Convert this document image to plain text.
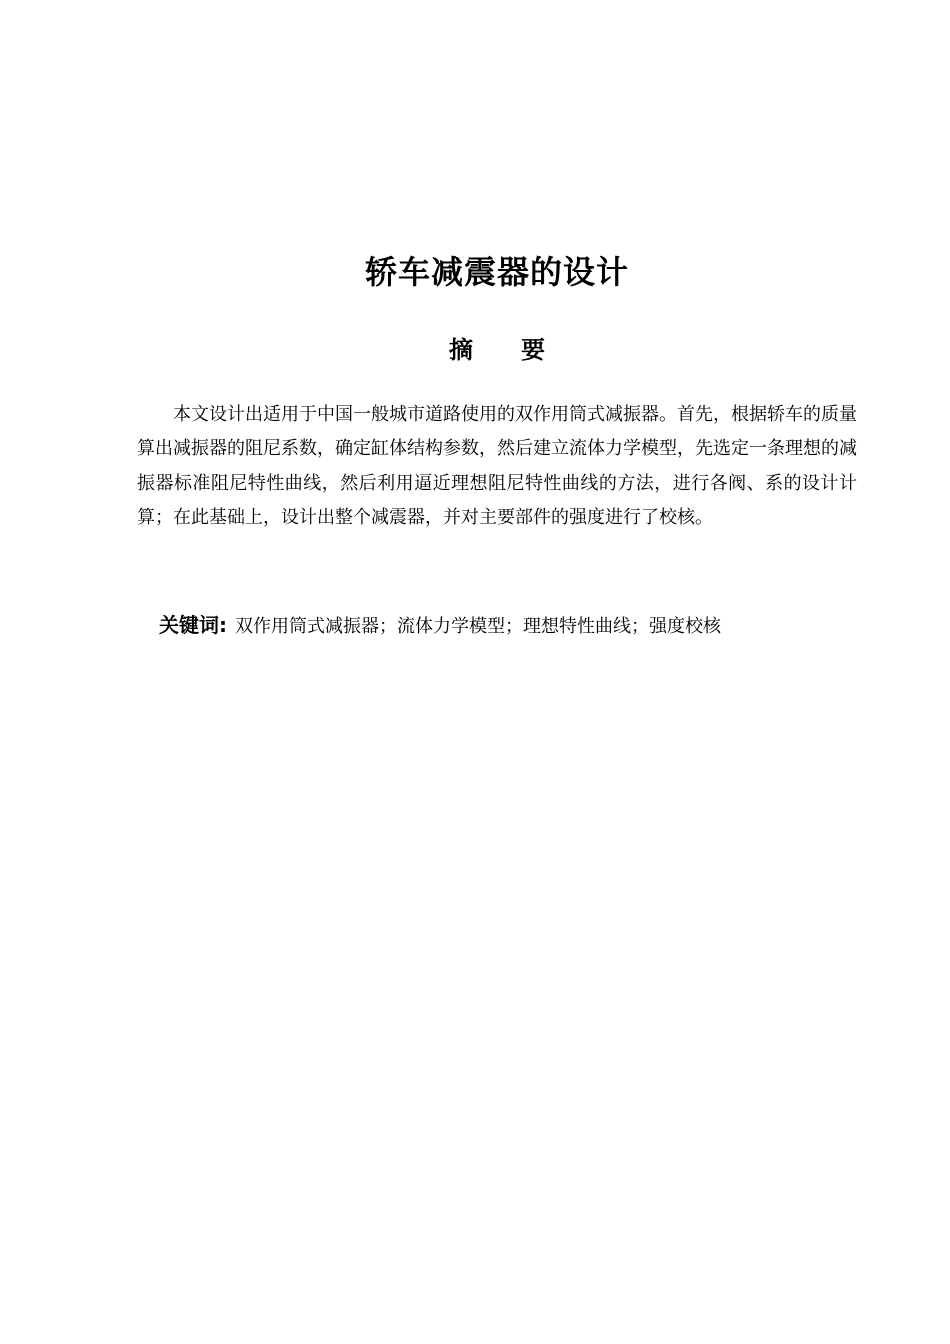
轿车减震器的设计
摘 要

本文设计出适用于中国一般城市道路使用的双作用筒式减振器。首先，根据轿车的质量算出减振器的阻尼系数，确定缸体结构参数，然后建立流体力学模型，先选定一条理想的减振器标准阻尼特性曲线，然后利用逼近理想阻尼特性曲线的方法，进行各阀、系的设计计算；在此基础上，设计出整个减震器，并对主要部件的强度进行了校核。

关键词: 双作用筒式减振器；流体力学模型；理想特性曲线；强度校核
